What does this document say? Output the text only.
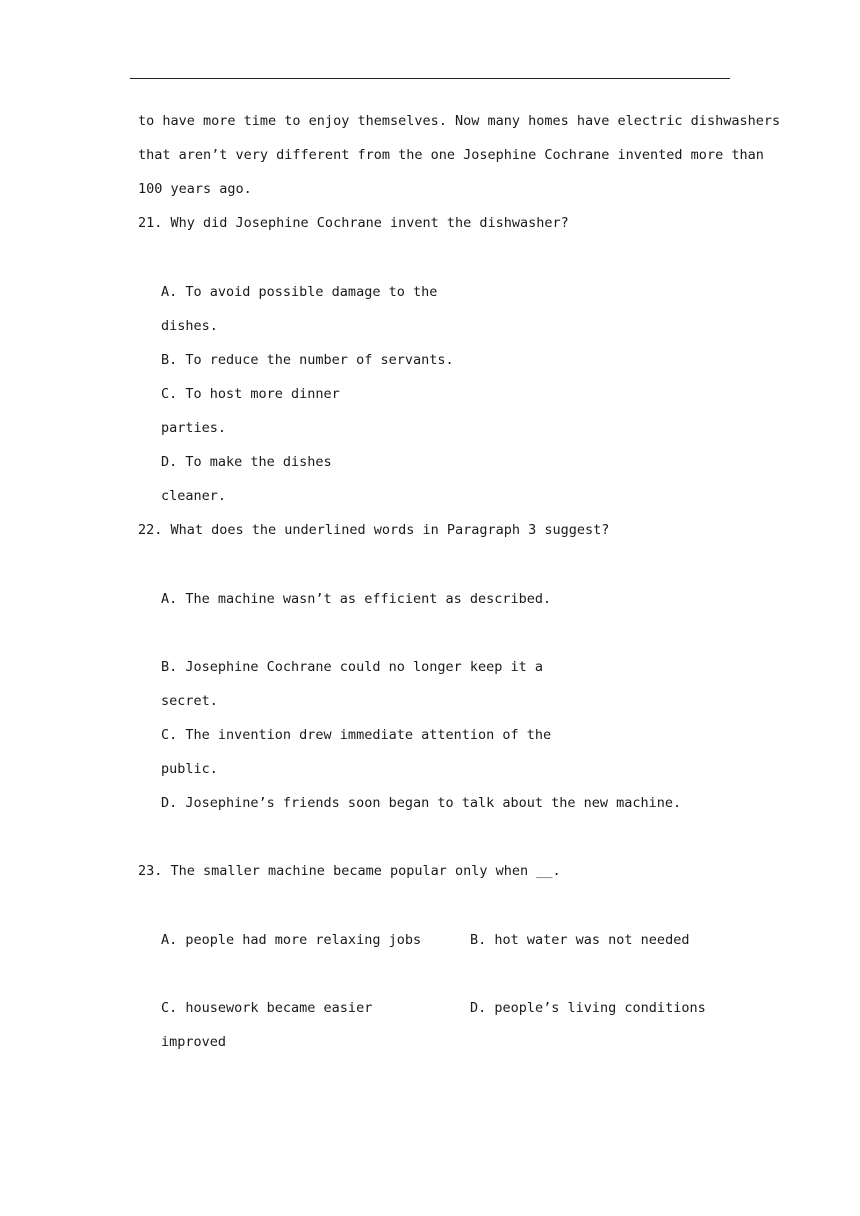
to have more time to enjoy themselves. Now many homes have electric dishwashers
that aren’t very different from the one Josephine Cochrane invented more than
100 years ago.
21. Why did Josephine Cochrane invent the dishwasher?
A. To avoid possible damage to the
dishes.
B. To reduce the number of servants.
C. To host more dinner
parties.
D. To make the dishes
cleaner.
22. What does the underlined words in Paragraph 3 suggest?
A. The machine wasn’t as efficient as described.
B. Josephine Cochrane could no longer keep it a
secret.
C. The invention drew immediate attention of the
public.
D. Josephine’s friends soon began to talk about the new machine.
23. The smaller machine became popular only when __.
A. people had more relaxing jobs	B. hot water was not needed
C. housework became easier	D. people’s living conditions
improved
